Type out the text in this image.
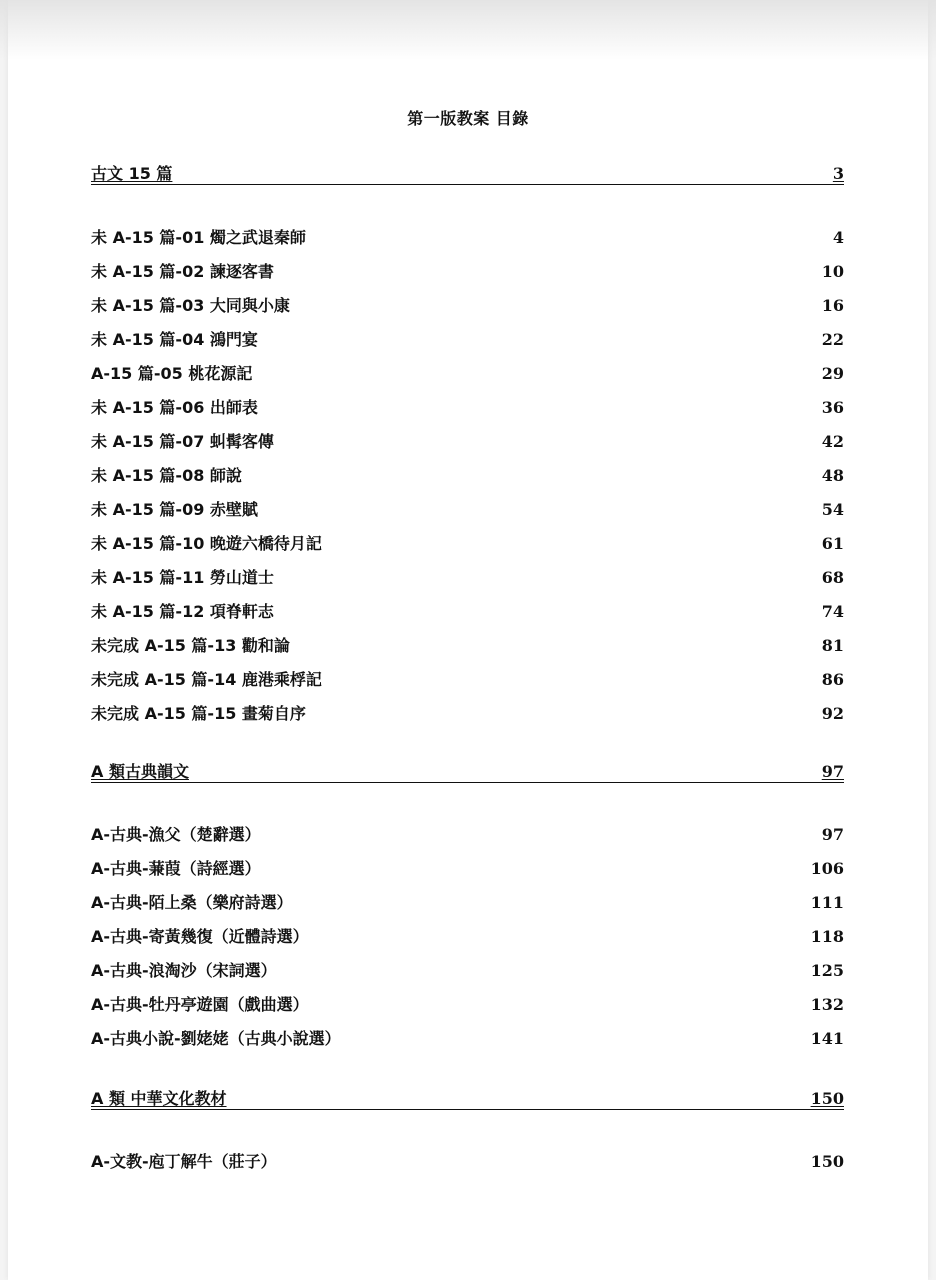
第一版教案 目錄
古文 15 篇	3
未 A-15 篇-01 燭之武退秦師	4
未 A-15 篇-02 諫逐客書	10
未 A-15 篇-03 大同與小康	16
未 A-15 篇-04 鴻門宴	22
A-15 篇-05 桃花源記	29
未 A-15 篇-06 出師表	36
未 A-15 篇-07 虯髯客傳	42
未 A-15 篇-08 師說	48
未 A-15 篇-09 赤壁賦	54
未 A-15 篇-10 晚遊六橋待月記	61
未 A-15 篇-11 勞山道士	68
未 A-15 篇-12 項脊軒志	74
未完成 A-15 篇-13 勸和論	81
未完成 A-15 篇-14 鹿港乘桴記	86
未完成 A-15 篇-15 畫菊自序	92
A 類古典韻文	97
A-古典-漁父（楚辭選）	97
A-古典-蒹葭（詩經選）	106
A-古典-陌上桑（樂府詩選）	111
A-古典-寄黃幾復（近體詩選）	118
A-古典-浪淘沙（宋詞選）	125
A-古典-牡丹亭遊園（戲曲選）	132
A-古典小說-劉姥姥（古典小說選）	141
A 類 中華文化教材	150
A-文教-庖丁解牛（莊子）	150
